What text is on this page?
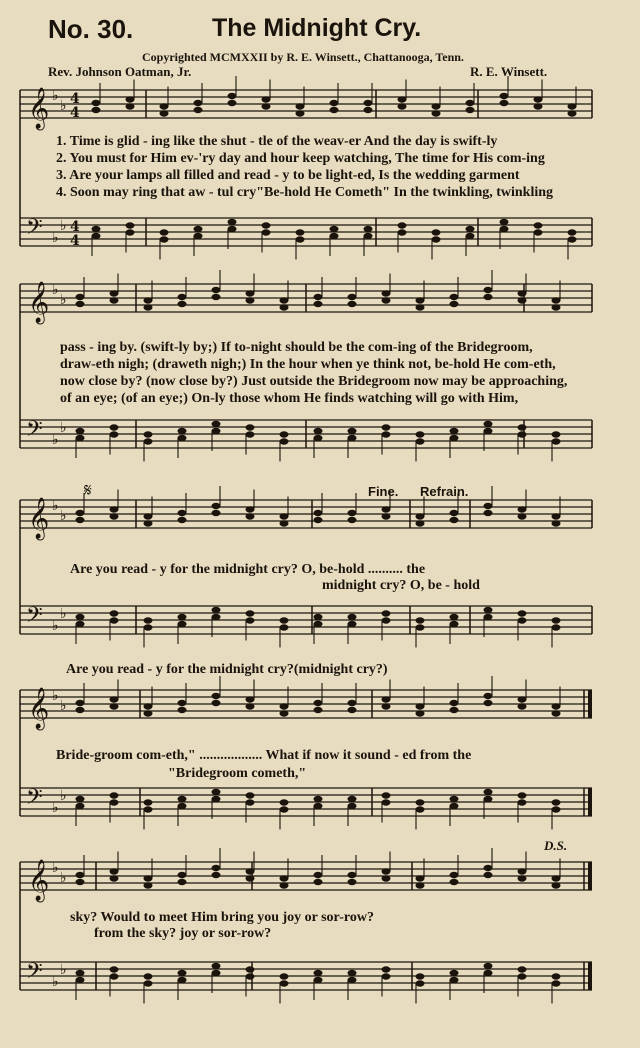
No. 30.	The Midnight Cry.
Copyrighted MCMXXII by R. E. Winsett., Chattanooga, Tenn.
Rev. Johnson Oatman, Jr.	R. E. Winsett.
𝄞 ♭
♭ 4
4
𝄢 ♭
♭ 4
4
𝄞 ♭
♭
𝄢 ♭
♭
𝄞 ♭
♭
𝄢 ♭
♭
𝄞 ♭
♭
𝄢 ♭
♭
𝄞 ♭
♭
𝄢 ♭
♭
𝄋
1. Time is glid - ing like the shut - tle of the weav-er And the day is swift-ly
2. You must for Him ev-'ry day and hour keep watching, The time for His com-ing
3. Are your lamps all filled and read - y to be light-ed, Is the wedding garment
4. Soon may ring that aw - tul cry"Be-hold He Cometh" In the twinkling, twinkling
pass - ing by. (swift-ly by;) If to-night should be the com-ing of the Bridegroom,
draw-eth nigh; (draweth nigh;) In the hour when ye think not, be-hold He com-eth,
now close by? (now close by?) Just outside the Bridegroom now may be approaching,
of an eye; (of an eye;) On-ly those whom He finds watching will go with Him,
Fine. Refrain.
Are you read - y for the midnight cry? O, be-hold .......... the
midnight cry? O, be - hold
Are you read - y for the midnight cry?(midnight cry?)
Bride-groom com-eth," .................. What if now it sound - ed from the
"Bridegroom cometh,"
D.S.
sky? Would to meet Him bring you joy or sor-row?
from the sky? joy or sor-row?
